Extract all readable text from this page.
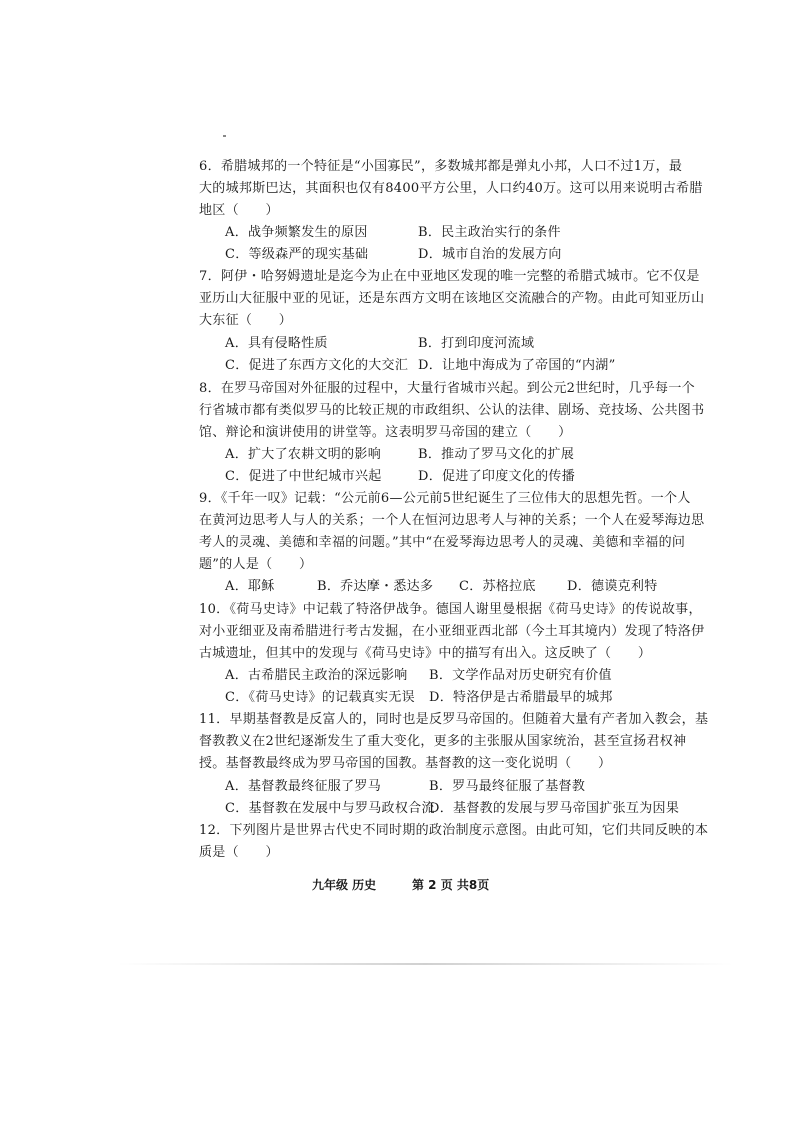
6．希腊城邦的一个特征是“小国寡民”，多数城邦都是弹丸小邦，人口不过1万，最
大的城邦斯巴达，其面积也仅有8400平方公里，人口约40万。这可以用来说明古希腊
地区（　　）
A．战争频繁发生的原因	B．民主政治实行的条件
C．等级森严的现实基础	D．城市自治的发展方向
7．阿伊・哈努姆遗址是迄今为止在中亚地区发现的唯一完整的希腊式城市。它不仅是
亚历山大征服中亚的见证，还是东西方文明在该地区交流融合的产物。由此可知亚历山
大东征（　　）
A．具有侵略性质	B．打到印度河流域
C．促进了东西方文化的大交汇 D．让地中海成为了帝国的“内湖”
8．在罗马帝国对外征服的过程中，大量行省城市兴起。到公元2世纪时，几乎每一个
行省城市都有类似罗马的比较正规的市政组织、公认的法律、剧场、竞技场、公共图书
馆、辩论和演讲使用的讲堂等。这表明罗马帝国的建立（　　）
A．扩大了农耕文明的影响	B．推动了罗马文化的扩展
C．促进了中世纪城市兴起	D．促进了印度文化的传播
9．《千年一叹》记载：“公元前6—公元前5世纪诞生了三位伟大的思想先哲。一个人
在黄河边思考人与人的关系；一个人在恒河边思考人与神的关系；一个人在爱琴海边思
考人的灵魂、美德和幸福的问题。”其中“在爱琴海边思考人的灵魂、美德和幸福的问
题”的人是（　　）
A．耶稣	B．乔达摩・悉达多 C．苏格拉底 D．德谟克利特
10．《荷马史诗》中记载了特洛伊战争。德国人谢里曼根据《荷马史诗》的传说故事，
对小亚细亚及南希腊进行考古发掘，在小亚细亚西北部（今土耳其境内）发现了特洛伊
古城遗址，但其中的发现与《荷马史诗》中的描写有出入。这反映了（　　）
A．古希腊民主政治的深远影响 B．文学作品对历史研究有价值
C．《荷马史诗》的记载真实无误 D．特洛伊是古希腊最早的城邦
11．早期基督教是反富人的，同时也是反罗马帝国的。但随着大量有产者加入教会，基
督教教义在2世纪逐渐发生了重大变化，更多的主张服从国家统治，甚至宣扬君权神
授。基督教最终成为罗马帝国的国教。基督教的这一变化说明（　　）
A．基督教最终征服了罗马	B．罗马最终征服了基督教
C．基督教在发展中与罗马政权合流
D．基督教的发展与罗马帝国扩张互为因果
12．下列图片是世界古代史不同时期的政治制度示意图。由此可知，它们共同反映的本
质是（　　）
九年级 历史	第 2 页 共8页
